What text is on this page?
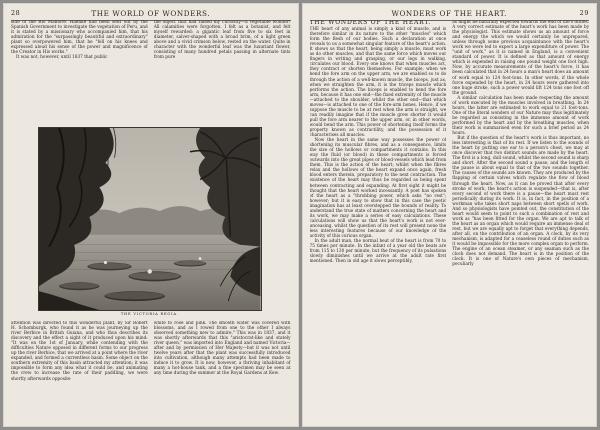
28	THE WORLD OF WONDERS.

side of the Rio Mamoré. Haenke had been sent out by the Spanish Government to investigate the vegetation of Peru, and it is stated by a missionary who accompanied him, that his admiration for the "surpassingly beautiful and extraordinary" plant so overpowered him, that he "fell on his knees and expressed aloud his sense of the power and magnificence of the Creator in His works."

It was not, however, until 1837 that public

the object that had raised my curiosity—a vegetable wonder! All calamities were forgotten. I felt as a botanist, and felt myself rewarded: a gigantic leaf from five to six feet in diameter, salver-shaped with a broad brim, of a light green above and a vivid crimson below, rested on the water. Quite in character with the wonderful leaf was the luxuriant flower, consisting of many hundred petals passing in alternate tints from pure

THE VICTORIA REGIA.

attention was directed to this wonderful plant, by Sir Robert H. Schomburgk, who found it as he was journeying up the river Berbice in British Guiana, and who thus describes its discovery and the effect a sight of it produced upon his mind: "It was on the 1st of January, while contending with the difficulties Nature opposed in different forms to our progress up the river Berbice, that we arrived at a point where the river expanded, and formed a currentless basin. Some object on the southern extremity of this basin attracted my attention; it was impossible to form any idea what it could be, and animating the crew to increase the rate of their paddling, we were shortly afterwards opposite

white to rose and pink. The smooth water was covered with blossoms, and as I rowed from one to the other I always observed something new to admire." This was in 1837, and it was shortly afterwards that this "aristocrat-like and stately river queen," was imported into England and named Victoria—after and by permission of Her Majesty—but it was not until twelve years after that the plant was successfully introduced into cultivation, although many attempts had been made to induce it to grow. It is now, however, a thriving inhabitant of many a hot-house tank, and a fine specimen may be seen at any time during the summer at the Royal Gardens at Kew.

WONDERS OF THE HEART.	29
THE WONDERS OF THE HEART.

THE heart of any animal is simply a kind of muscle, and is therefore similar in its nature to the other "muscles" which form the flesh of our bodies. Such a declaration at once reveals to us a somewhat singular feature of the heart's action. It shows us that the heart, being simply a muscle, must work as do other muscles, and that the same force which moves our fingers in writing and grasping, or our legs in walking, circulates our blood. Every one knows that when muscles act, they contract or shorten themselves. For example, when we bend the fore arm on the upper arm, we are enabled so to do through the action of a well-known muscle, the biceps, just as, when we straighten the arm, it is the triceps muscle which performs the action. The biceps is enabled to bend the fore arm, because it has one end—the fixed extremity of the muscle—attached to the shoulder, whilst the other end—that which moves—is attached to one of the fore-arm bones. Hence, if we suppose the muscle to be at rest when the arm is straight, we can readily imagine that if the muscle grew shorter it would pull the fore arm nearer to the upper arm, or, in other words, would bend the arm. This power of shortening itself forms the property known as contractility, and the possession of it characterises all muscles.

Now the heart in the same way possesses the power of shortening its muscular fibres, and as a consequence, limits the size of the hollows or compartments it contains. In this way the fluid (or blood) in these compartments is forced outwards into the great pipes or blood-vessels which lead from them. This is the action of the heart; whilst when the fibres relax and the hollows of the heart expand once again, fresh blood enters therein, preparatory to the next contraction. The existence of the heart may thus be regarded as being spent between contracting and expanding. At first sight it might be thought that the heart worked incessantly. A poet has spoken of the heart as a "throbbing power, which asks "no rest"; however; but it is easy to show that in this case the poetic imagination has at least overstepped the bounds of reality. To understand the true state of matters concerning the heart and its work, we may make a series of easy calculations. These calculations will show us that the heart's work is not ever-unceasing, whilst the question of its rest will present none the less interesting features because of our knowledge of the activity of this curious organ.

In the adult man, the normal beat of the heart is from 70 to 75 times per minute. In the infant of a year old the beats are from 115 to 130 per minute, but the frequency of its pulsations slowly diminishes until we arrive at the adult rate first mentioned. Then in old age it slows perceptibly,

as might be naturally expected towards the end of life's duties. A very correct estimate of the heart's work has been made by the physiologist. This estimate shows us an amount of force and energy the which we would certainly be unprepared, unless through some previous acquaintance with the heart's work we were led to expect a large expenditure of power. The "unit of work," as it is named in England, is a convenient standard of power. It is defined as that amount of energy which is expended in raising one pound weight one foot high. Now, by accurate measurements of the heart's force, it has been calculated that in 24 hours a man's heart does an amount of work equal to 124 foot-tons. In other words, if the whole force expended by the heart, in 24 hours were gathered into one huge stroke, such a power would lift 124 tons one foot off the ground.

A similar calculation has been made respecting the amount of work executed by the muscles involved in breathing. In 24 hours, the latter are estimated to work equal to 21 foot-tons. One of the literal wonders of our Nature may thus legitimately be regarded as consisting in the immense amount of work performed by the heart and by the breathing muscles, when their work is summarised even for such a brief period as 24 hours.

But if the question of the heart's work is thus important, no less interesting is that of its rest. If we listen to the sounds of the heart by putting one ear to a person's chest, we may at once discover that two distinct sounds are made by the heart. The first is a long, dull sound, whilst the second sound is sharp and short. After the second sound a pause, and the length of the pause is about equal to that of the two sounds together. The causes of the sounds are known. They are produced by the flapping of certain valves which regulate the flow of blood through the heart. Now, as it can be proved that after every stroke of work, the heart's action is suspended—that is, after every second of work there is a pause—the heart must rest periodically during its work. It is, in fact, in the position of a workman who takes short naps between short spells of work. And so physiologists have pointed out, the constitution of the heart would seem to point to such a combination of rest and work as "has been fitted for the organ. We are apt to talk of the heart as an organ which would require an immense deal of rest, but we are equally apt to forget that everything depends, after all, on the contribution of an organ. A clock, by its very mechanism, is adapted for a ceaseless round of duties such as it would be impossible for the more complex organ to perform. The engine of an ocean steamer, or any seaman such as the clock does not demand. The heart is in the position of the clock. It is one of Nature's own pieces of mechanism, peculiarly
